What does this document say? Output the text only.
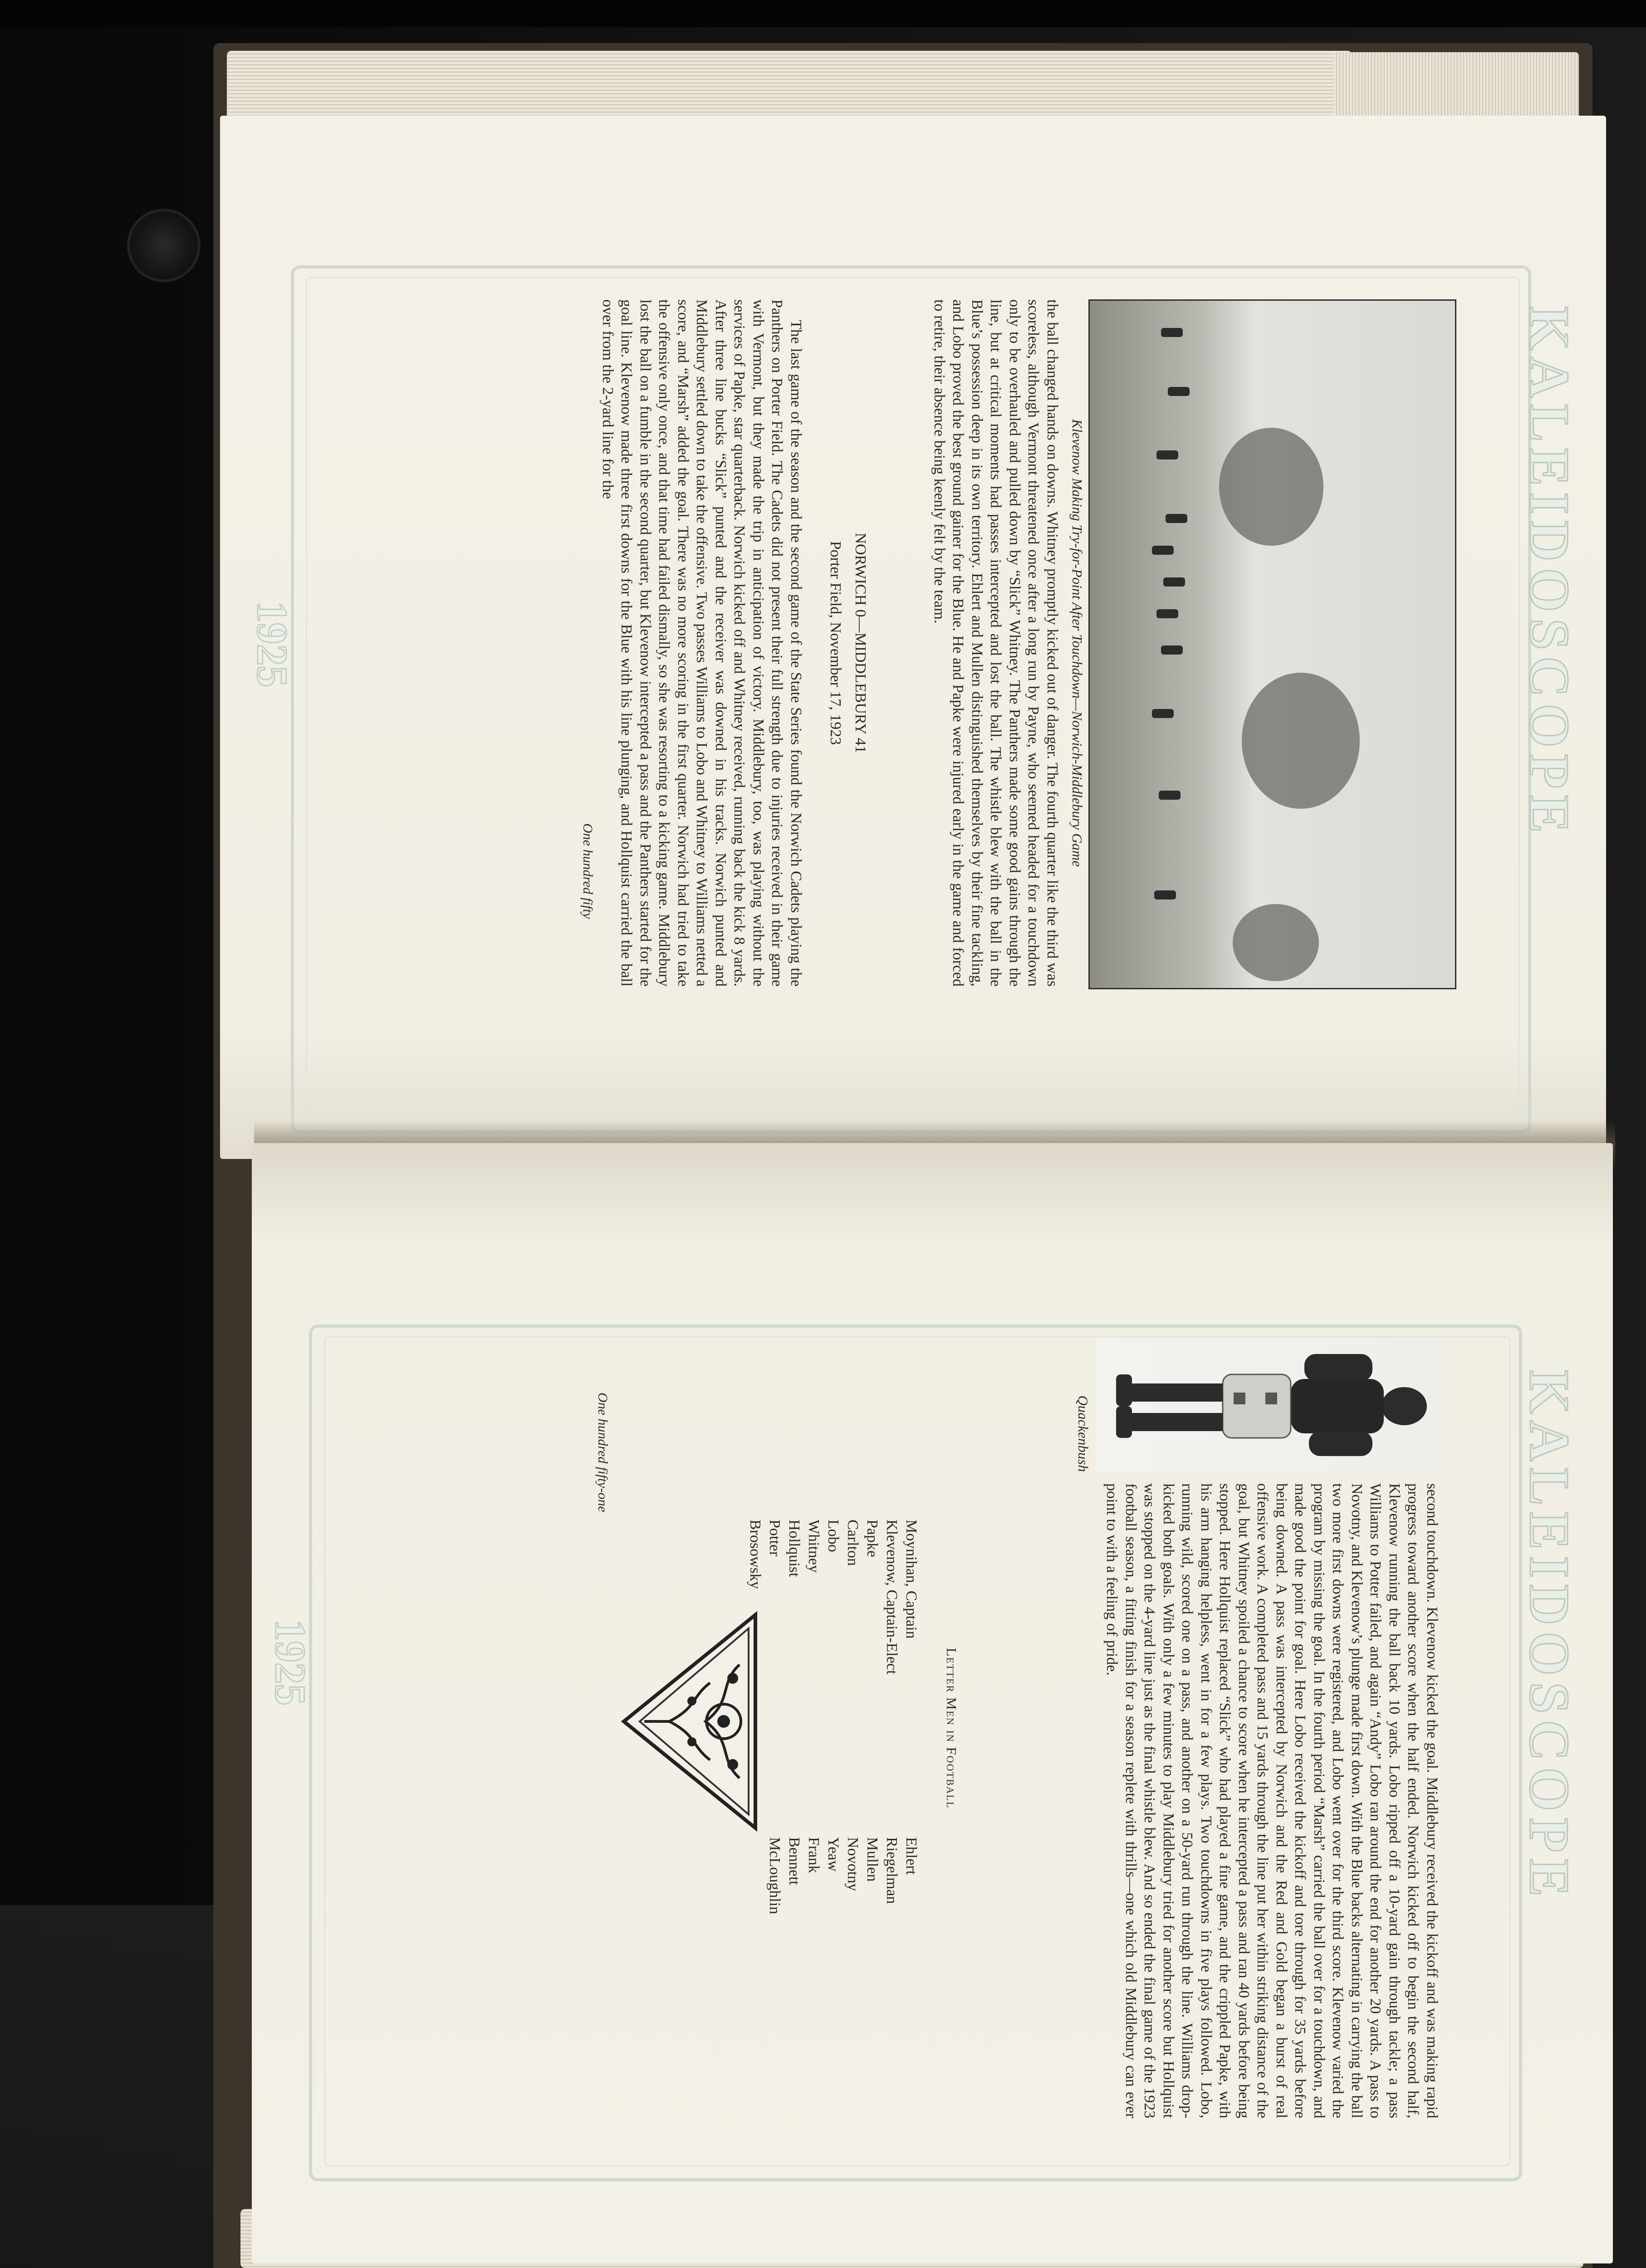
KALEIDOSCOPE
1925	Klevenow Making Try-for-Point After Touchdown—Norwich-Middlebury Game

the ball changed hands on downs. Whitney promptly kicked out of danger. The fourth quarter like the third was scoreless, although Vermont threatened once after a long run by Payne, who seemed headed for a touchdown only to be overhauled and pulled down by “Slick” Whitney. The Panthers made some good gains through the line, but at critical moments had passes intercepted and lost the ball. The whistle blew with the ball in the Blue’s possession deep in its own territory. Ehlert and Mullen distinguished themselves by their fine tackling, and Lobo proved the best ground gainer for the Blue. He and Papke were injured early in the game and forced to retire, their absence being keenly felt by the team.

NORWICH 0—MIDDLEBURY 41
Porter Field, November 17, 1923

The last game of the season and the second game of the State Series found the Norwich Cadets playing the Panthers on Porter Field. The Cadets did not present their full strength due to injuries received in their game with Vermont, but they made the trip in anticipation of victory. Middlebury, too, was playing without the services of Papke, star quarterback. Norwich kicked off and Whitney received, running back the kick 8 yards. After three line bucks “Slick” punted and the receiver was downed in his tracks. Norwich punted and Middlebury settled down to take the offensive. Two passes Williams to Lobo and Whitney to Williams netted a score, and “Marsh” added the goal. There was no more scoring in the first quarter. Norwich had tried to take the offensive only once, and that time had failed dismally, so she was resorting to a kicking game. Middlebury lost the ball on a fumble in the second quarter, but Klevenow intercepted a pass and the Panthers started for the goal line. Klevenow made three first downs for the Blue with his line plunging, and Hollquist carried the ball over from the 2-yard line for the

One hundred fifty
KALEIDOSCOPE
1925
Quackenbush

second touchdown. Klevenow kicked the goal. Middlebury received the kickoff and was making rapid progress toward another score when the half ended. Norwich kicked off to begin the second half, Klevenow running the ball back 10 yards. Lobo ripped off a 10-yard gain through tackle; a pass Williams to Potter failed, and again “Andy” Lobo ran around the end for another 20 yards. A pass to Novotny, and Klevenow’s plunge made first down. With the Blue backs alternating in carrying the ball two more first downs were registered, and Lobo went over for the third score. Klevenow varied the program by missing the goal. In the fourth period “Marsh” carried the ball over for a touchdown, and made good the point for goal. Here Lobo received the kickoff and tore through for 35 yards before being downed. A pass was intercepted by Norwich and the Red and Gold began a burst of real offensive work. A completed pass and 15 yards through the line put her within striking distance of the goal, but Whitney spoiled a chance to score when he intercepted a pass and ran 40 yards before being stopped. Here Hollquist replaced “Slick” who had played a fine game, and the crippled Papke, with his arm hanging helpless, went in for a few plays. Two touchdowns in five plays followed. Lobo, running wild, scored one on a pass, and another on a 50-yard run through the line. Williams drop-kicked both goals. With only a few minutes to play Middlebury tried for another score but Hollquist was stopped on the 4-yard line just as the final whistle blew. And so ended the final game of the 1923 football season, a fitting finish for a season replete with thrills—one which old Middlebury can ever point to with a feeling of pride.

Letter Men in Football
Moynihan, Captain
Klevenow, Captain-Elect
Papke
Carlton
Lobo
Whitney
Hollquist
Potter
Brosowsky
Ehlert
Riegelman
Mullen
Novotny
Yeaw
Frank
Bennett
McLoughlin
One hundred fifty-one
